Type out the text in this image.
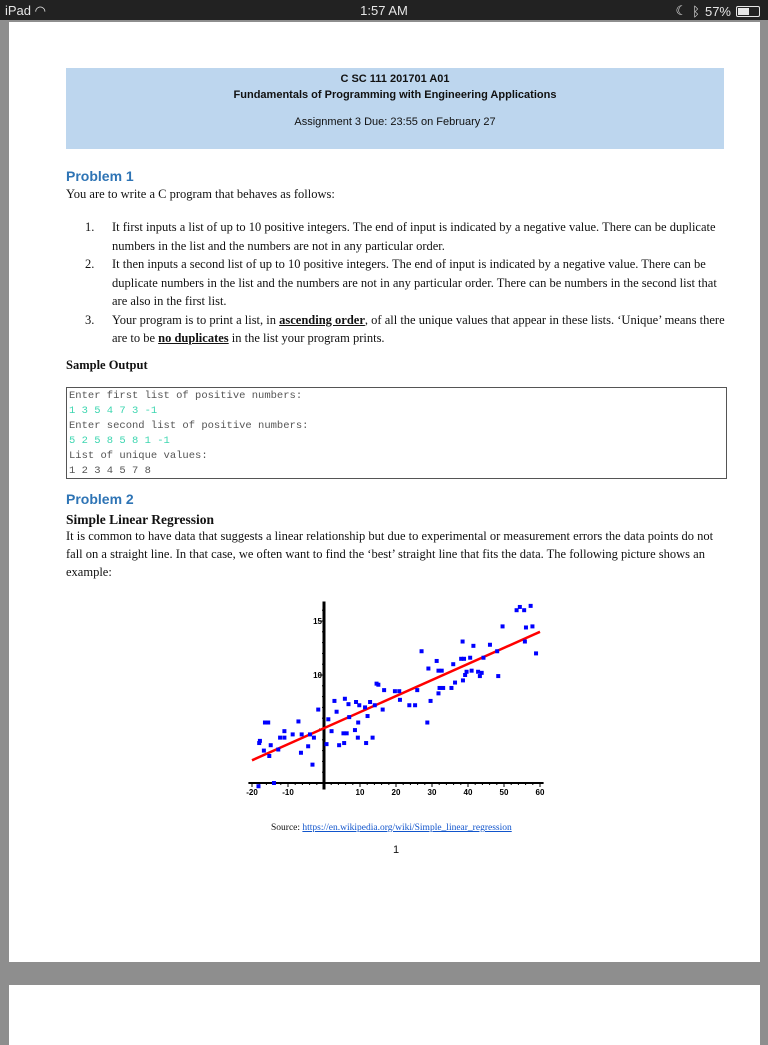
iPad ◠	1:57 AM	☾ ᛒ 57%
C SC 111 201701 A01
Fundamentals of Programming with Engineering Applications
Assignment 3 Due: 23:55 on February 27
Problem 1
You are to write a C program that behaves as follows:
1. It first inputs a list of up to 10 positive integers. The end of input is indicated by a negative value. There can be duplicate numbers in the list and the numbers are not in any particular order.
2. It then inputs a second list of up to 10 positive integers. The end of input is indicated by a negative value. There can be duplicate numbers in the list and the numbers are not in any particular order. There can be numbers in the second list that are also in the first list.
3. Your program is to print a list, in ascending order, of all the unique values that appear in these lists. ‘Unique’ means there are to be no duplicates in the list your program prints.
Sample Output
Enter first list of positive numbers:
1 3 5 4 7 3 -1
Enter second list of positive numbers:
5 2 5 8 5 8 1 -1
List of unique values:
1 2 3 4 5 7 8
Problem 2
Simple Linear Regression
It is common to have data that suggests a linear relationship but due to experimental or measurement errors the data points do not fall on a straight line. In that case, we often want to find the ‘best’ straight line that fits the data. The following picture shows an example:
-20	-10	10	20	30	40	50	60
10
15
Source: https://en.wikipedia.org/wiki/Simple_linear_regression
1
